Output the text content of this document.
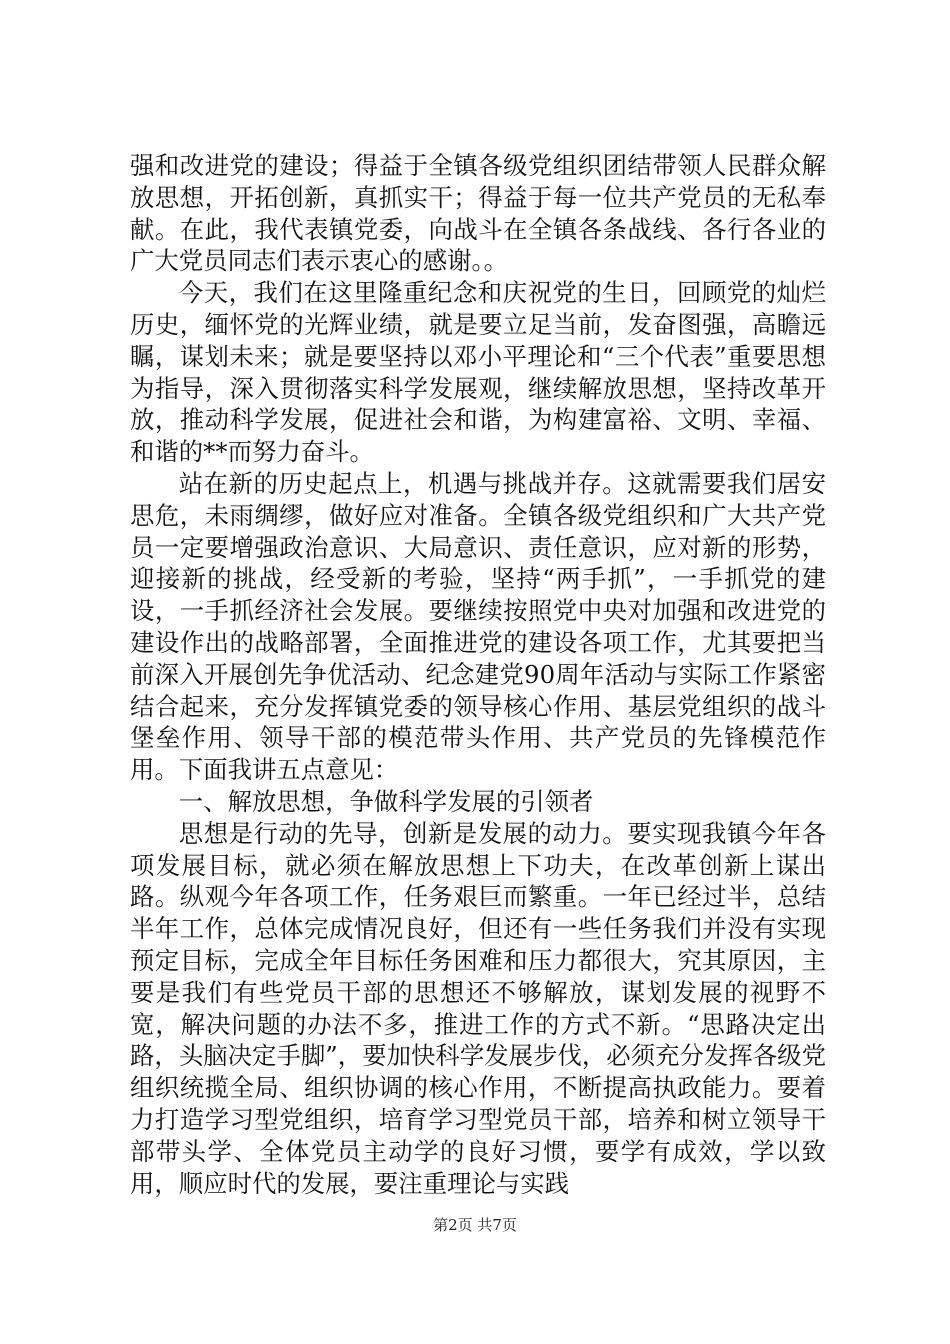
强和改进党的建设；得益于全镇各级党组织团结带领人民群众解放思想，开拓创新，真抓实干；得益于每一位共产党员的无私奉献。在此，我代表镇党委，向战斗在全镇各条战线、各行各业的广大党员同志们表示衷心的感谢。。

今天，我们在这里隆重纪念和庆祝党的生日，回顾党的灿烂历史，缅怀党的光辉业绩，就是要立足当前，发奋图强，高瞻远瞩，谋划未来；就是要坚持以邓小平理论和“三个代表”重要思想为指导，深入贯彻落实科学发展观，继续解放思想，坚持改革开放，推动科学发展，促进社会和谐，为构建富裕、文明、幸福、和谐的**而努力奋斗。

站在新的历史起点上，机遇与挑战并存。这就需要我们居安思危，未雨绸缪，做好应对准备。全镇各级党组织和广大共产党员一定要增强政治意识、大局意识、责任意识，应对新的形势，迎接新的挑战，经受新的考验，坚持“两手抓”，一手抓党的建设，一手抓经济社会发展。要继续按照党中央对加强和改进党的建设作出的战略部署，全面推进党的建设各项工作，尤其要把当前深入开展创先争优活动、纪念建党90周年活动与实际工作紧密结合起来，充分发挥镇党委的领导核心作用、基层党组织的战斗堡垒作用、领导干部的模范带头作用、共产党员的先锋模范作用。下面我讲五点意见：

一、解放思想，争做科学发展的引领者

思想是行动的先导，创新是发展的动力。要实现我镇今年各项发展目标，就必须在解放思想上下功夫，在改革创新上谋出路。纵观今年各项工作，任务艰巨而繁重。一年已经过半，总结半年工作，总体完成情况良好，但还有一些任务我们并没有实现预定目标，完成全年目标任务困难和压力都很大，究其原因，主要是我们有些党员干部的思想还不够解放，谋划发展的视野不宽，解决问题的办法不多，推进工作的方式不新。“思路决定出路，头脑决定手脚”，要加快科学发展步伐，必须充分发挥各级党组织统揽全局、组织协调的核心作用，不断提高执政能力。要着力打造学习型党组织，培育学习型党员干部，培养和树立领导干部带头学、全体党员主动学的良好习惯，要学有成效，学以致用，顺应时代的发展，要注重理论与实践

第2页 共7页
